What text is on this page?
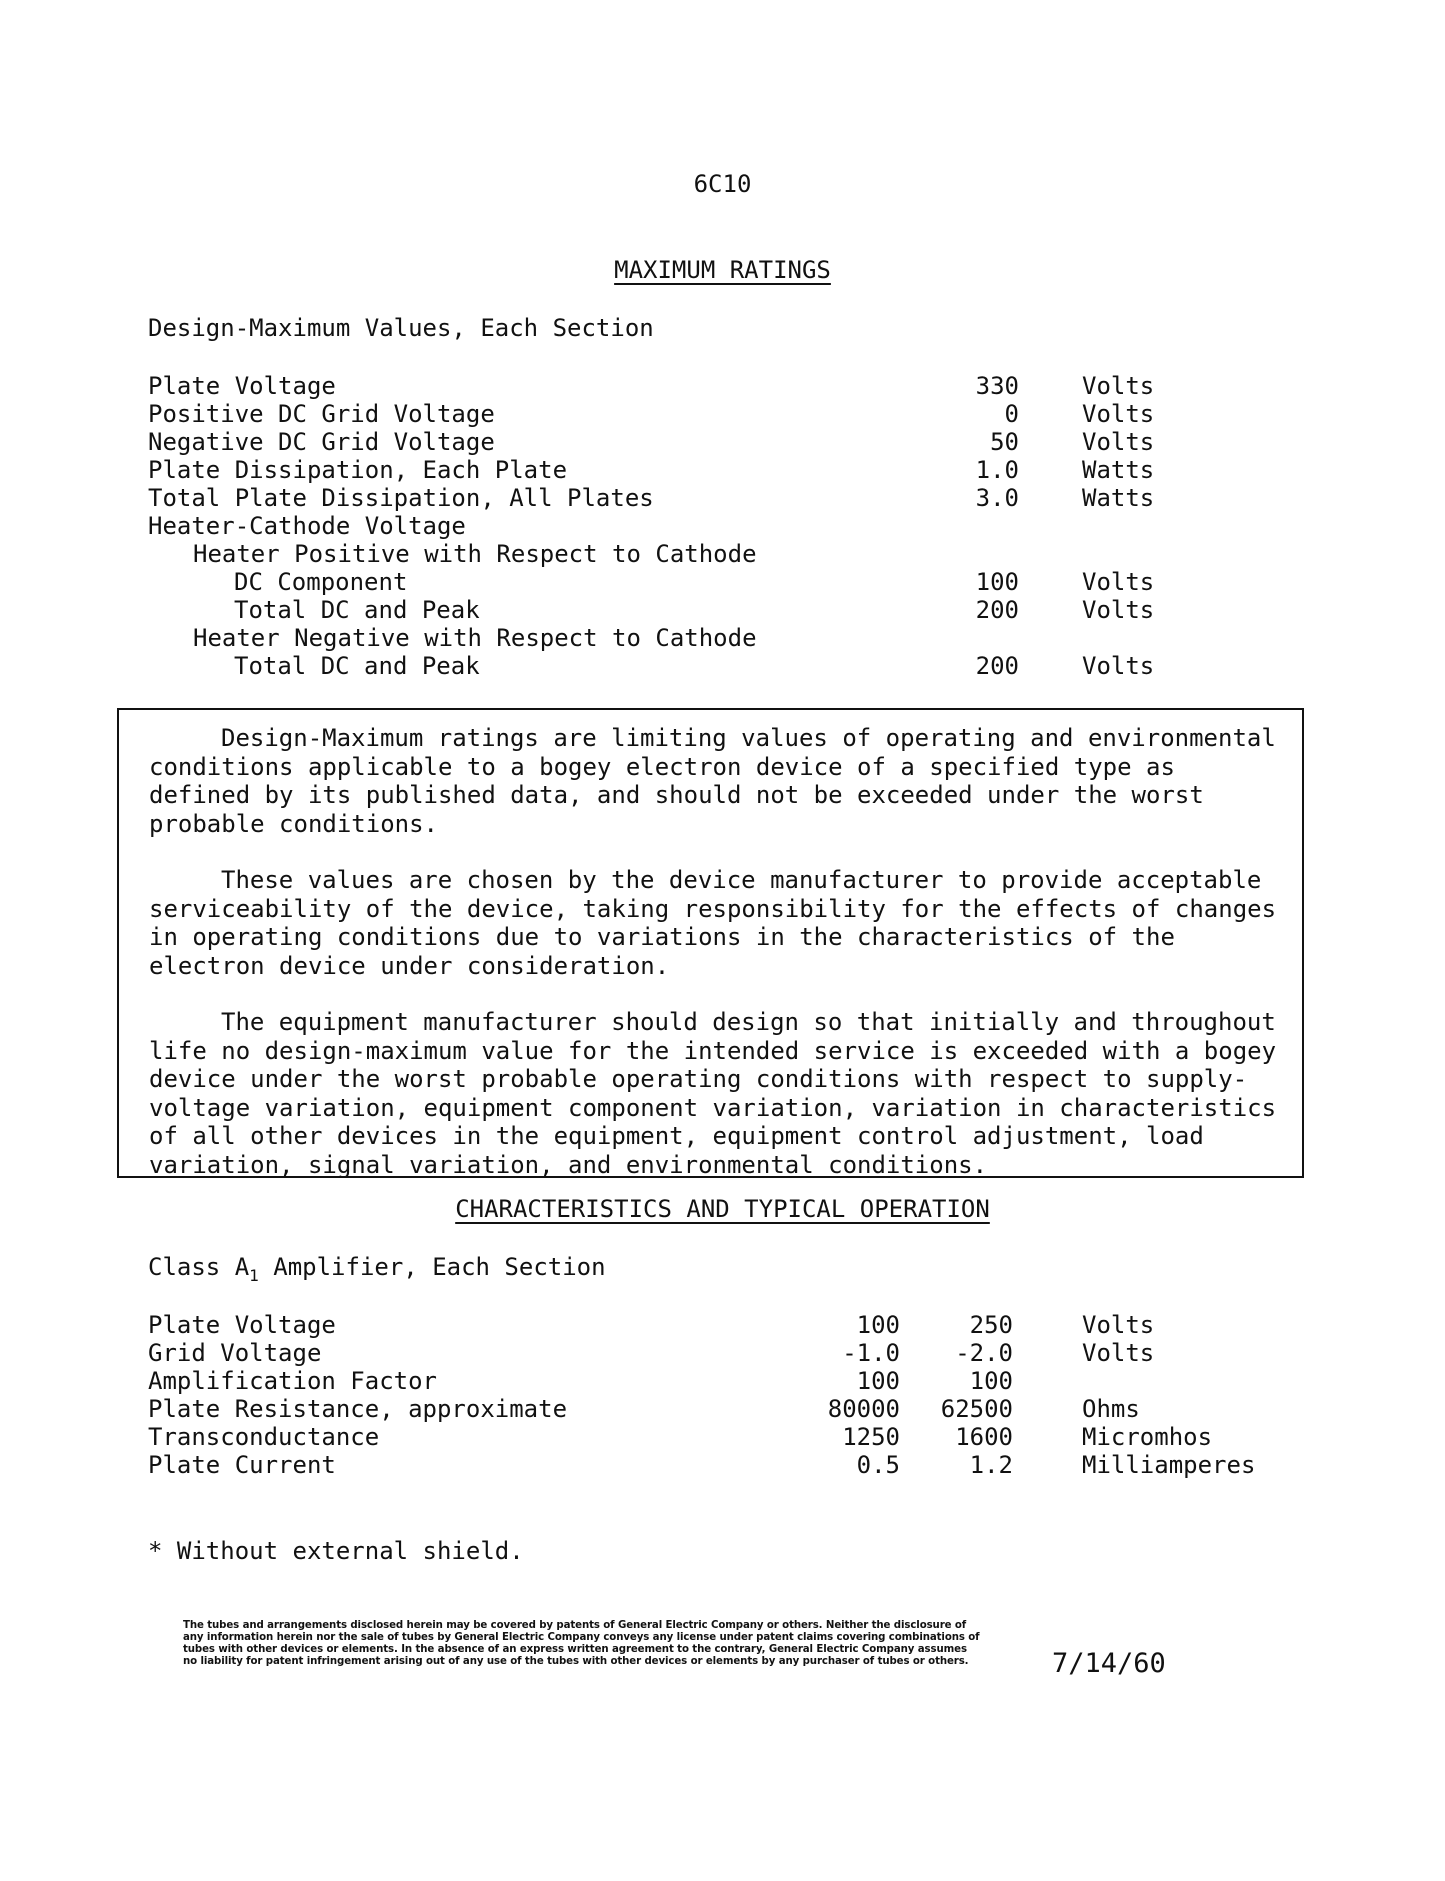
6C10
MAXIMUM RATINGS
Design-Maximum Values, Each Section
Plate Voltage	330	Volts
Positive DC Grid Voltage	0	Volts
Negative DC Grid Voltage	50	Volts
Plate Dissipation, Each Plate	1.0	Watts
Total Plate Dissipation, All Plates	3.0	Watts
Heater-Cathode Voltage
Heater Positive with Respect to Cathode
DC Component	100	Volts
Total DC and Peak	200	Volts
Heater Negative with Respect to Cathode
Total DC and Peak	200	Volts

Design-Maximum ratings are limiting values of operating and environmental conditions applicable to a bogey electron device of a specified type as defined by its published data, and should not be exceeded under the worst probable conditions.

These values are chosen by the device manufacturer to provide acceptable serviceability of the device, taking responsibility for the effects of changes in operating conditions due to variations in the characteristics of the electron device under consideration.

The equipment manufacturer should design so that initially and throughout life no design-maximum value for the intended service is exceeded with a bogey device under the worst probable operating conditions with respect to supply-voltage variation, equipment component variation, variation in characteristics of all other devices in the equipment, equipment control adjustment, load variation, signal variation, and environmental conditions.

CHARACTERISTICS AND TYPICAL OPERATION
Class $A_1$ Amplifier, Each Section
Plate Voltage	100	250	Volts
Grid Voltage	-1.0 -2.0	Volts
Amplification Factor	100	100
Plate Resistance, approximate	80000 62500	Ohms
Transconductance	1250 1600	Micromhos
Plate Current	0.5	1.2	Milliamperes
* Without external shield.
The tubes and arrangements disclosed herein may be covered by patents of General Electric Company or others. Neither the disclosure of any information herein nor the sale of tubes by General Electric Company conveys any license under patent claims covering combinations of tubes with other devices or elements. In the absence of an express written agreement to the contrary, General Electric Company assumes no liability for patent infringement arising out of any use of the tubes with other devices or elements by any purchaser of tubes or others.	7/14/60
